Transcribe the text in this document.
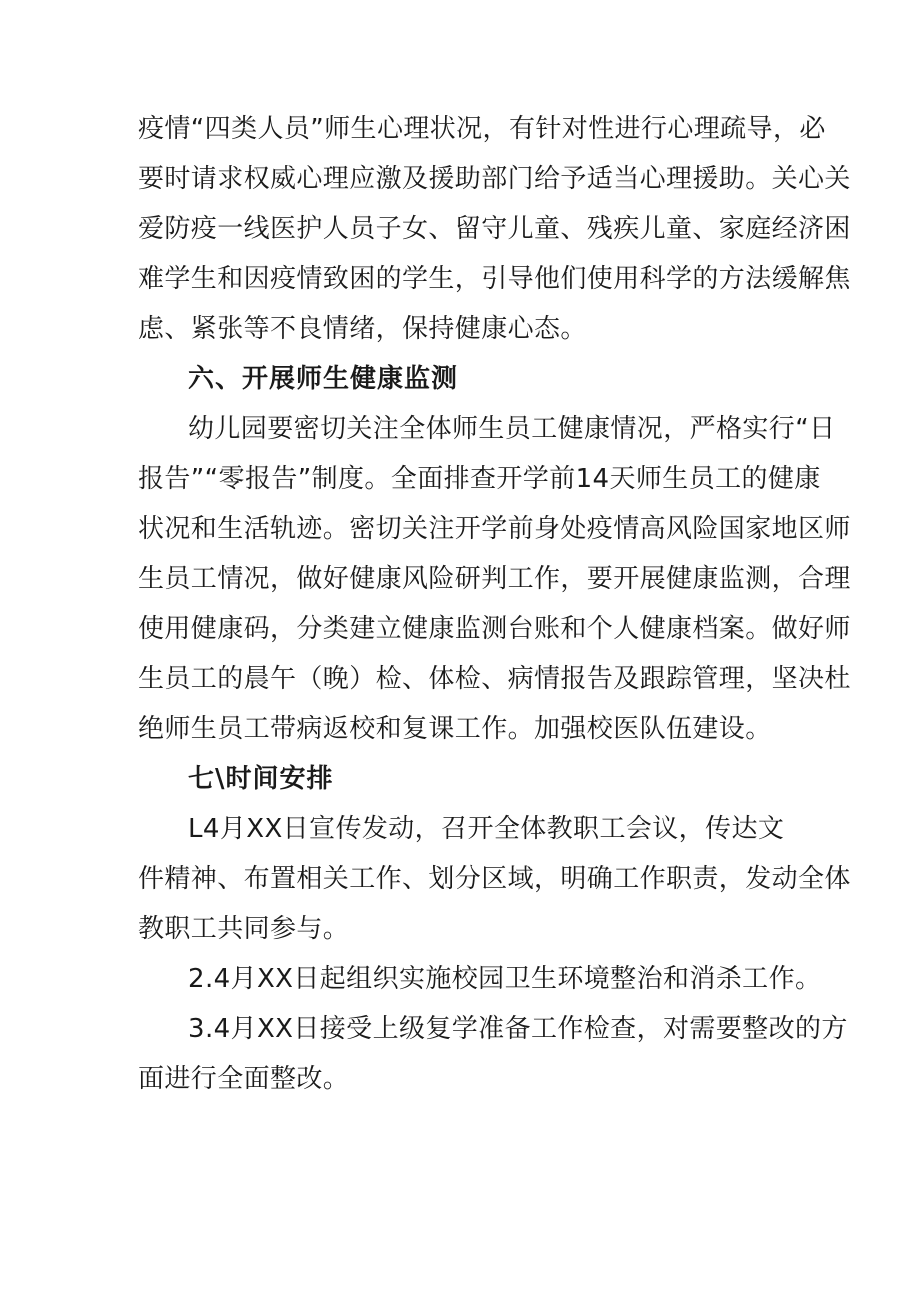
疫情“四类人员”师生心理状况，有针对性进行心理疏导，必
要时请求权威心理应激及援助部门给予适当心理援助。关心关
爱防疫一线医护人员子女、留守儿童、残疾儿童、家庭经济困
难学生和因疫情致困的学生，引导他们使用科学的方法缓解焦
虑、紧张等不良情绪，保持健康心态。
六、开展师生健康监测
幼儿园要密切关注全体师生员工健康情况，严格实行“日
报告”“零报告”制度。全面排查开学前14天师生员工的健康
状况和生活轨迹。密切关注开学前身处疫情高风险国家地区师
生员工情况，做好健康风险研判工作，要开展健康监测，合理
使用健康码，分类建立健康监测台账和个人健康档案。做好师
生员工的晨午（晚）检、体检、病情报告及跟踪管理，坚决杜
绝师生员工带病返校和复课工作。加强校医队伍建设。
七\时间安排
L4月XX日宣传发动，召开全体教职工会议，传达文
件精神、布置相关工作、划分区域，明确工作职责，发动全体
教职工共同参与。
2.4月XX日起组织实施校园卫生环境整治和消杀工作。
3.4月XX日接受上级复学准备工作检查，对需要整改的方
面进行全面整改。
